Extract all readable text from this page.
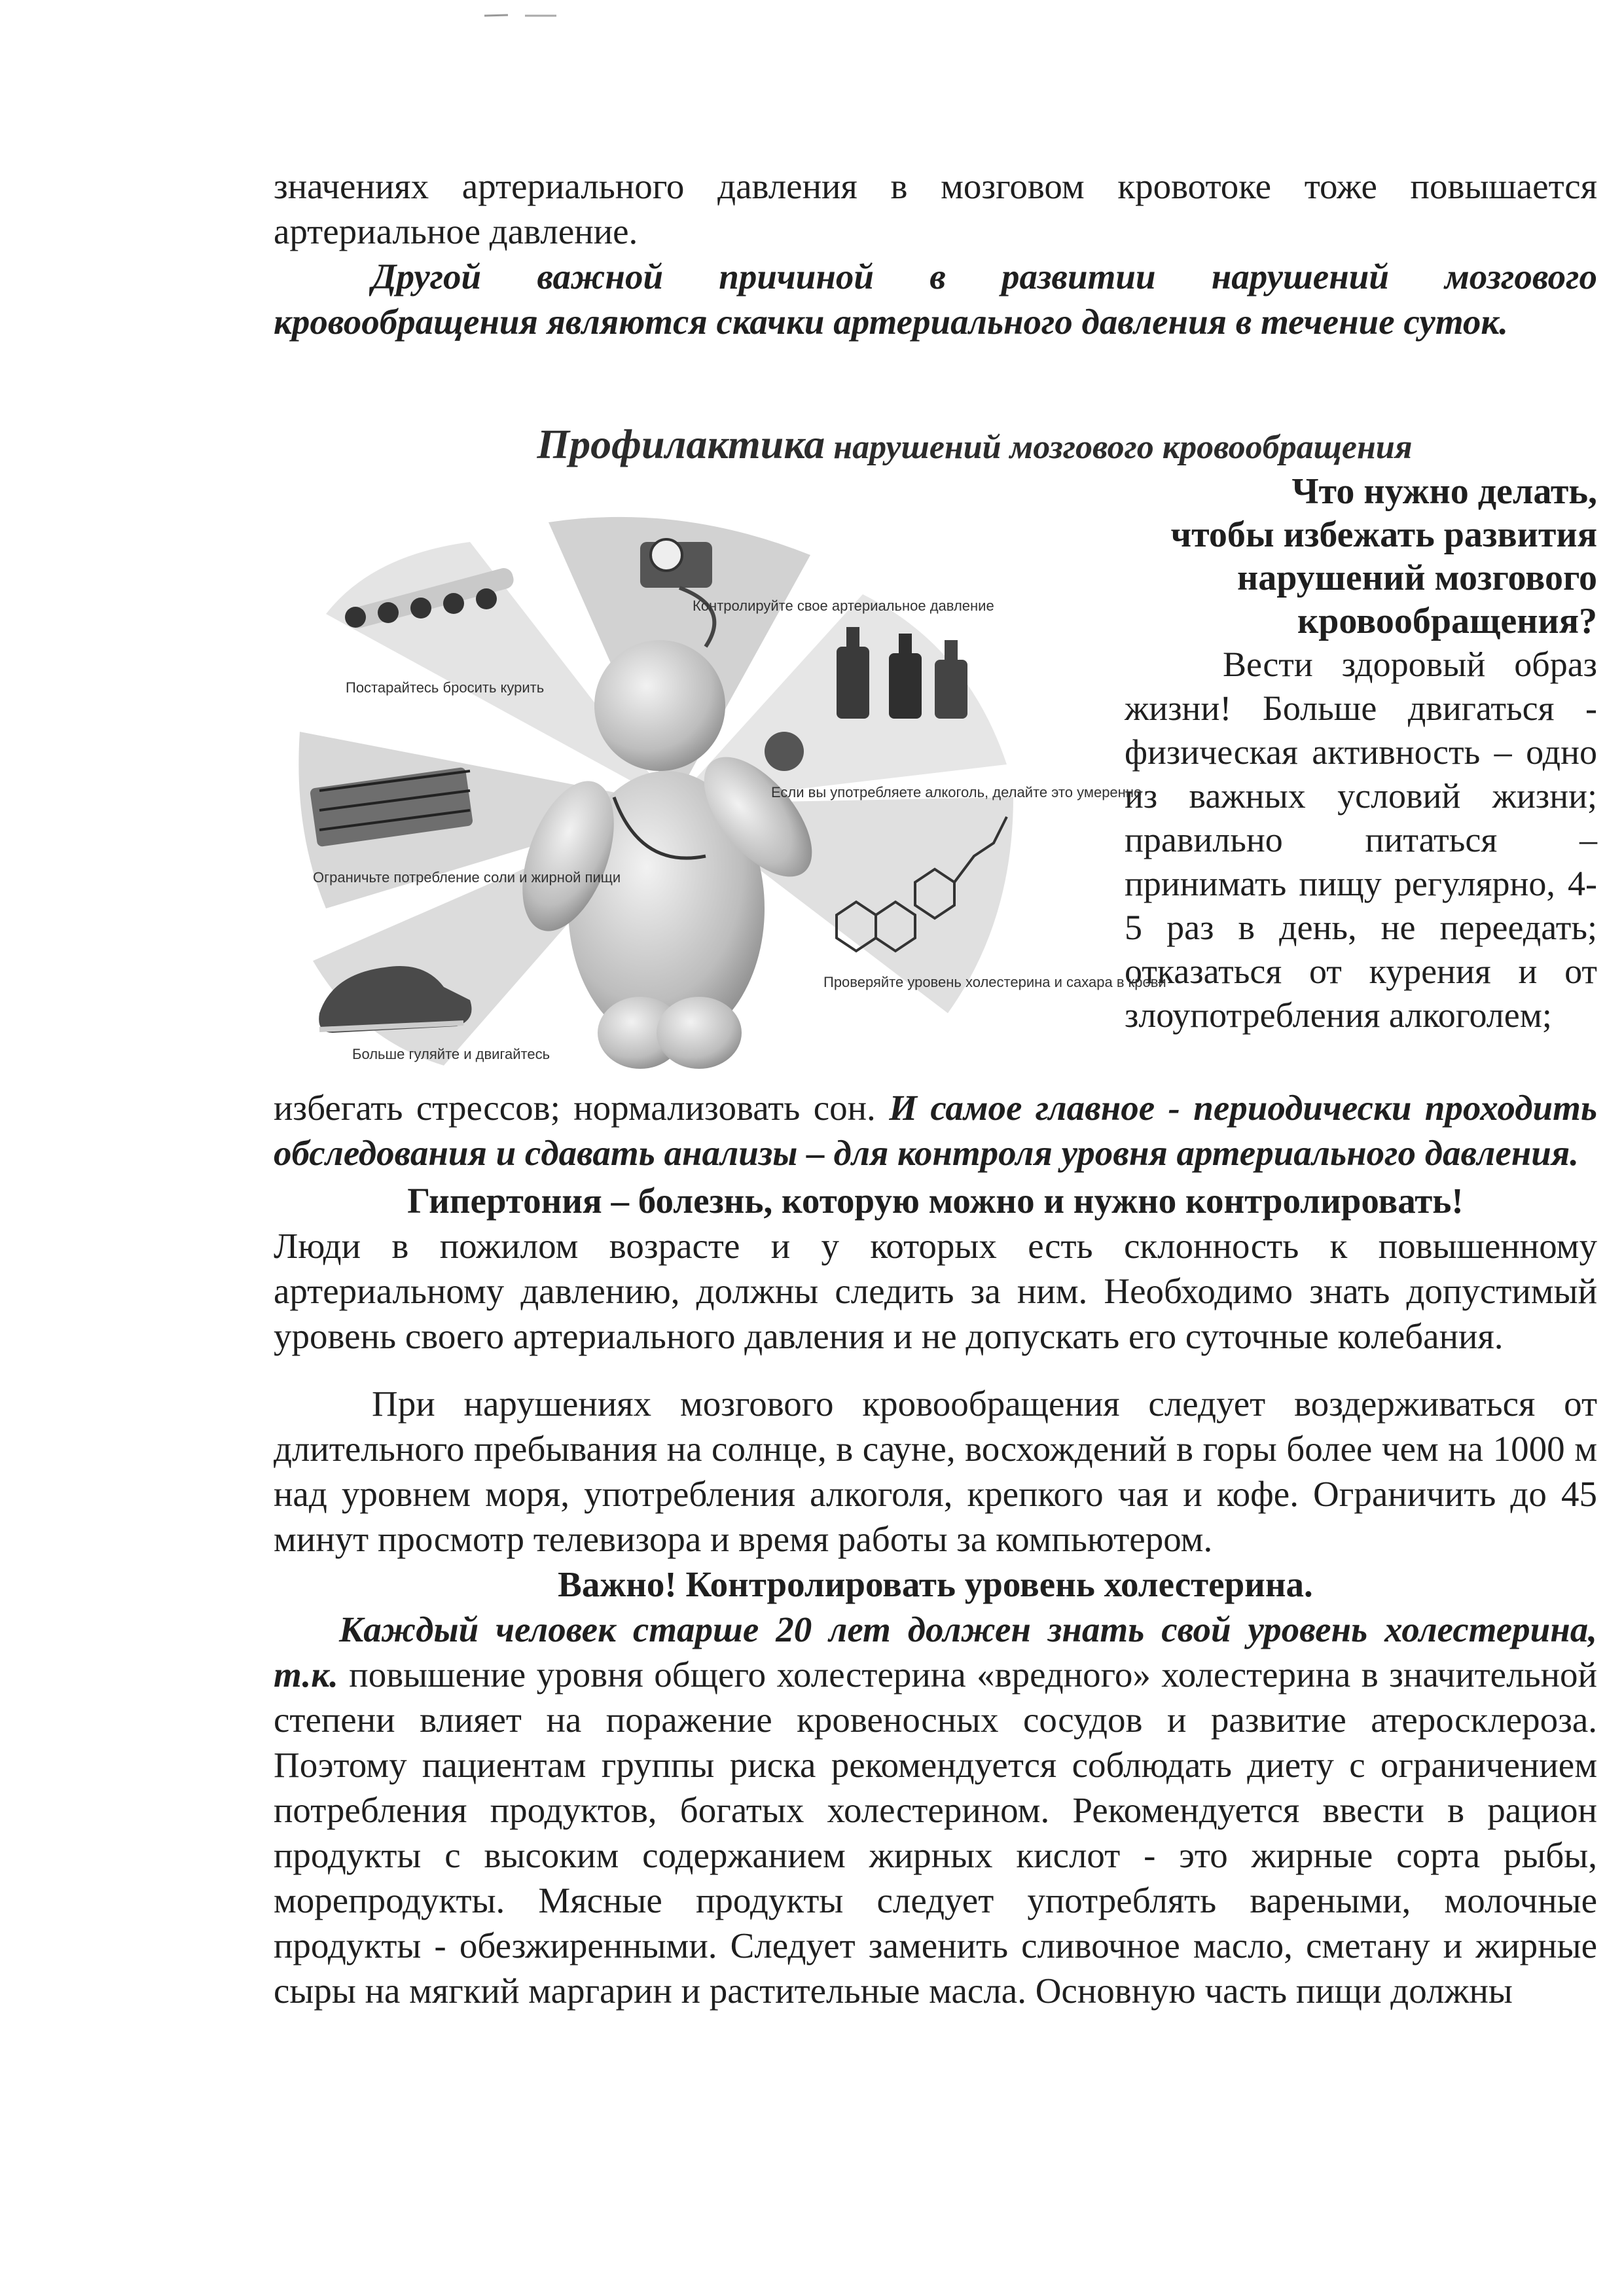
значениях артериального давления в мозговом кровотоке тоже повышается

артериальное давление.

Другой важной причиной в развитии нарушений мозгового

кровообращения являются скачки артериального давления в течение суток.

Профилактика нарушений мозгового кровообращения

Что нужно делать,
Контролируйте свое артериальное давление
Постарайтесь бросить курить
Если вы употребляете алкоголь, делайте это умеренно
Ограничьте потребление соли и жирной пищи
Проверяйте уровень холестерина и сахара в крови
Больше гуляйте и двигайтесь
чтобы избежать развития
нарушений мозгового
кровообращения?

Вести здоровый образ жизни! Больше двигаться - физическая активность – одно из важных условий жизни; правильно питаться –принимать пищу регулярно, 4-5 раз в день, не переедать; отказаться от курения и от злоупотребления алкоголем;

избегать стрессов; нормализовать сон. И самое главное - периодически проходить обследования и сдавать анализы – для контроля уровня артериального давления.

Гипертония – болезнь, которую можно и нужно контролировать!

Люди в пожилом возрасте и у которых есть склонность к повышенному артериальному давлению, должны следить за ним. Необходимо знать допустимый уровень своего артериального давления и не допускать его суточные колебания.

При нарушениях мозгового кровообращения следует воздерживаться от длительного пребывания на солнце, в сауне, восхождений в горы более чем на 1000 м над уровнем моря, употребления алкоголя, крепкого чая и кофе. Ограничить до 45 минут просмотр телевизора и время работы за компьютером.

Важно! Контролировать уровень холестерина.

Каждый человек старше 20 лет должен знать свой уровень холестерина, т.к. повышение уровня общего холестерина «вредного» холестерина в значительной степени влияет на поражение кровеносных сосудов и развитие атеросклероза. Поэтому пациентам группы риска рекомендуется соблюдать диету с ограничением потребления продуктов, богатых холестерином. Рекомендуется ввести в рацион продукты с высоким содержанием жирных кислот - это жирные сорта рыбы, морепродукты. Мясные продукты следует употреблять вареными, молочные продукты - обезжиренными. Следует заменить сливочное масло, сметану и жирные сыры на мягкий маргарин и растительные масла. Основную часть пищи должны
